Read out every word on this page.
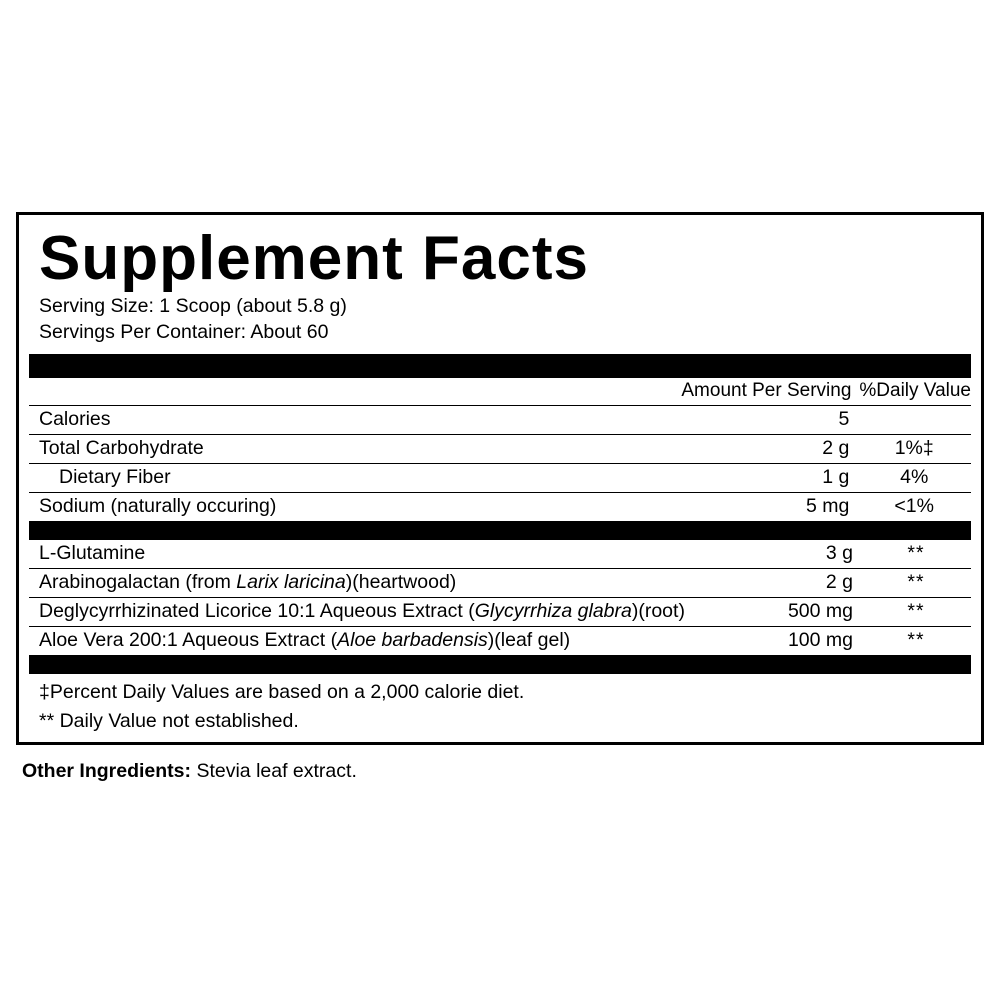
Supplement Facts
Serving Size: 1 Scoop (about 5.8 g)
Servings Per Container: About 60
	Amount Per Serving	%Daily Value
Calories	5	
Total Carbohydrate	2 g	1%‡
Dietary Fiber	1 g	4%
Sodium (naturally occuring)	5 mg	<1%
L-Glutamine	3 g	**
Arabinogalactan (from Larix laricina)(heartwood)	2 g	**
Deglycyrrhizinated Licorice 10:1 Aqueous Extract (Glycyrrhiza glabra)(root)	500 mg	**
Aloe Vera 200:1 Aqueous Extract (Aloe barbadensis)(leaf gel)	100 mg	**
‡Percent Daily Values are based on a 2,000 calorie diet.
** Daily Value not established.
Other Ingredients: Stevia leaf extract.
